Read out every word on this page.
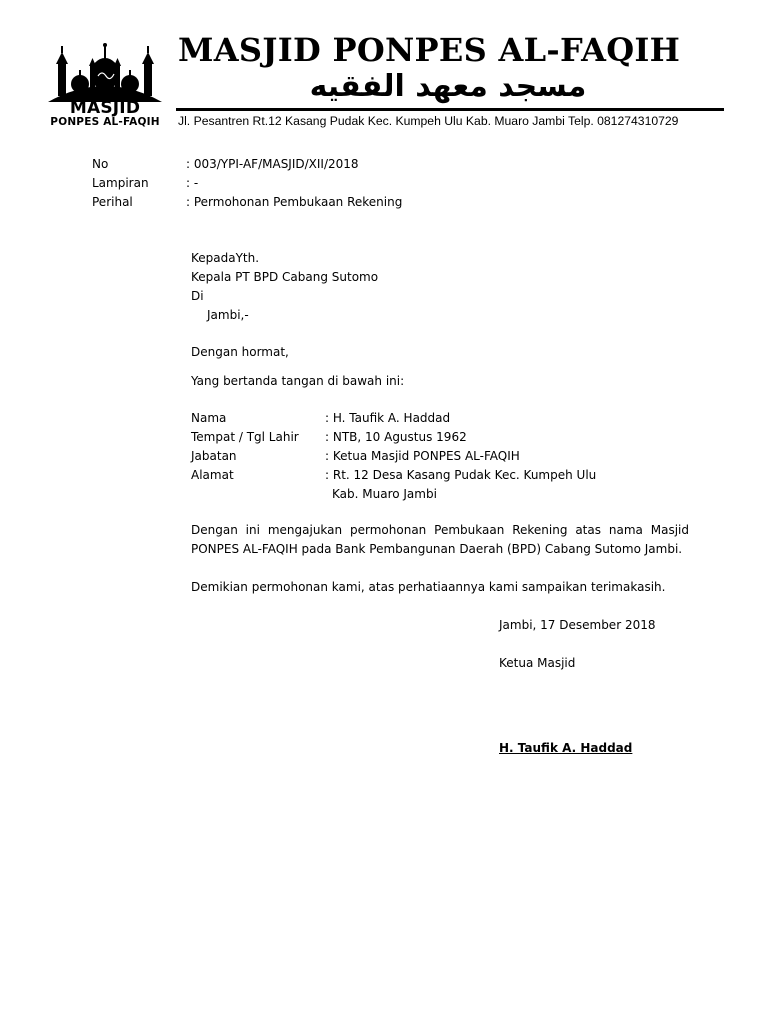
MASJID
PONPES AL-FAQIH
MASJID PONPES AL-FAQIH
مسجد معهد الفقيه
Jl. Pesantren Rt.12 Kasang Pudak Kec. Kumpeh Ulu Kab. Muaro Jambi Telp. 081274310729
No	: 003/YPI-AF/MASJID/XII/2018
Lampiran	: -
Perihal	: Permohonan Pembukaan Rekening
KepadaYth.
Kepala PT BPD Cabang Sutomo
Di
Jambi,-
Dengan hormat,
Yang bertanda tangan di bawah ini:
Nama	: H. Taufik A. Haddad
Tempat / Tgl Lahir : NTB, 10 Agustus 1962
Jabatan	: Ketua Masjid PONPES AL-FAQIH
Alamat	: Rt. 12 Desa Kasang Pudak Kec. Kumpeh Ulu
Kab. Muaro Jambi
Dengan ini mengajukan permohonan Pembukaan Rekening atas nama Masjid PONPES AL-FAQIH pada Bank Pembangunan Daerah (BPD) Cabang Sutomo Jambi.
Demikian permohonan kami, atas perhatiaannya kami sampaikan terimakasih.
Jambi, 17 Desember 2018
Ketua Masjid
H. Taufik A. Haddad
